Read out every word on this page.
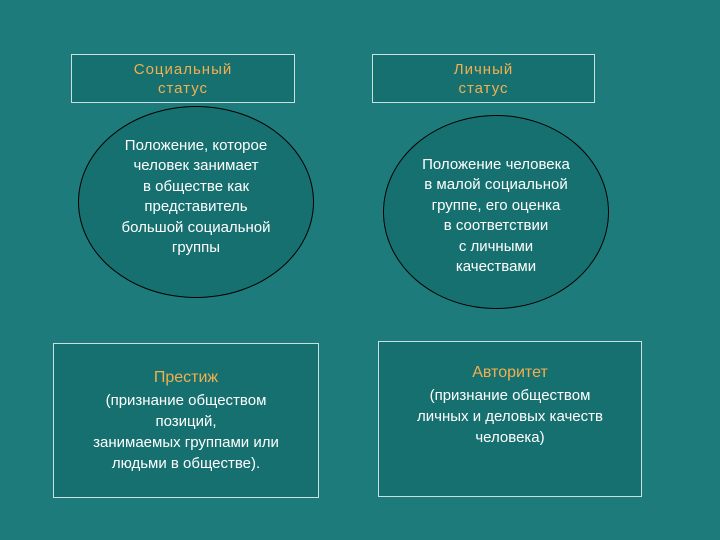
Социальный
статус
Личный
статус
Положение, которое
человек занимает
в обществе как
представитель
большой социальной
группы
Положение человека
в малой социальной
группе, его оценка
в соответствии
с личными
качествами
Престиж
(признание обществом
позиций,
занимаемых группами или
людьми в обществе).
Авторитет
(признание обществом
личных и деловых качеств
человека)
